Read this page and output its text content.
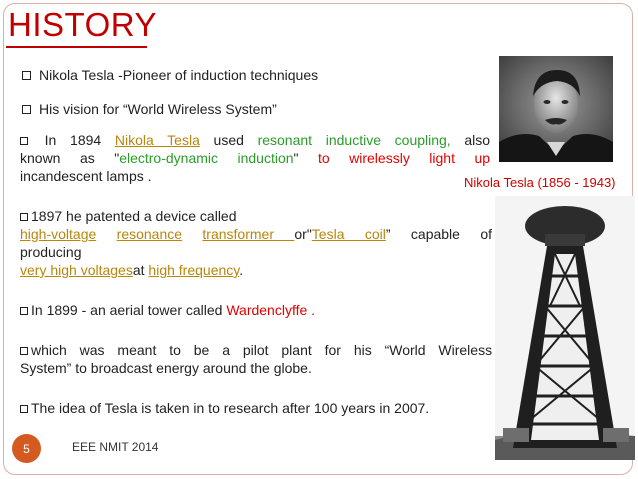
HISTORY
Nikola Tesla -Pioneer of induction techniques
His vision for “World Wireless System”
In 1894 Nikola Tesla used resonant inductive coupling, also
known as "electro-dynamic induction" to wirelessly light up
incandescent lamps .
1897 he patented a device called
high-voltage resonance transformer or"Tesla coil” capable of
producing
very high voltagesat high frequency.
In 1899 - an aerial tower called Wardenclyffe .
which was meant to be a pilot plant for his “World Wireless
System” to broadcast energy around the globe.
The idea of Tesla is taken in to research after 100 years in 2007.
Nikola Tesla (1856 - 1943)
5	EEE NMIT 2014
